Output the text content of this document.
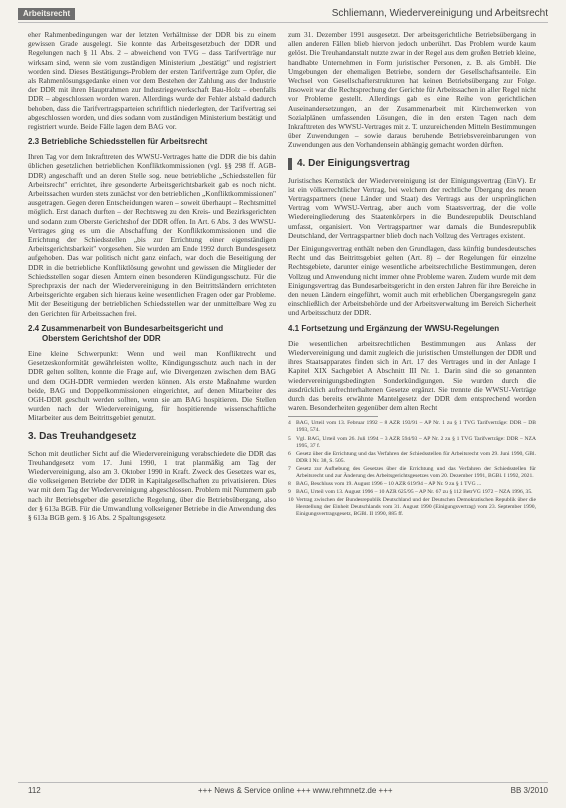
Arbeitsrecht	Schliemann, Wiedervereinigung und Arbeitsrecht

eher Rahmenbedingungen war der letzten Verhältnisse der DDR bis zu einem gewissen Grade ausgelegt. Sie konnte das Arbeitsgesetzbuch der DDR und Regelungen nach § 11 Abs. 2 – abweichend von TVG – dass Tarifverträge nur wirksam sind, wenn sie vom zuständigen Ministerium „bestätigt" und registriert worden sind. Dieses Bestätigungs-Problem der ersten Tarifverträge zum Opfer, die als Rahmenlösungsgedanke einen vor dem Bestehen der Zahlung aus der Industrie der DDR mit ihren Hauptrahmen zur Industriegewerkschaft Bau-Holz – ebenfalls DDR – abgeschlossen worden waren. Allerdings wurde der Fehler alsbald dadurch behoben, dass die Tarifvertragsparteien schriftlich niederlegten, der Tarifvertrag sei abgeschlossen worden, und dies sodann vom zuständigen Ministerium bestätigt und registriert wurde. Beide Fälle lagen dem BAG vor.

2.3 Betriebliche Schiedsstellen für Arbeitsrecht

Ihren Tag vor dem Inkrafttreten des WWSU-Vertrages hatte die DDR die bis dahin üblichen gesetzlichen betrieblichen Konfliktkommissionen (vgl. §§ 298 ff. AGB-DDR) angeschafft und an deren Stelle sog. neue betriebliche „Schiedsstellen für Arbeitsrecht" errichtet, ihre gesonderte Arbeitsgerichtsbarkeit gab es noch nicht. Arbeitssachen wurden stets zunächst vor den betrieblichen „Konfliktkommissionen" ausgetragen. Gegen deren Entscheidungen waren – soweit überhaupt – Rechtsmittel möglich. Erst danach durften – der Rechtsweg zu den Kreis- und Bezirksgerichten und sodann zum Oberste Gerichtshof der DDR offen. In Art. 6 Abs. 3 des WWSU-Vertrages ging es um die Abschaffung der Konfliktkommissionen und die Errichtung der Schiedsstellen „bis zur Errichtung einer eigenständigen Arbeitsgerichtsbarkeit" vorgesehen. Sie wurden am Ende 1992 durch Bundesgesetz aufgehoben. Das war politisch nicht ganz einfach, war doch die Beseitigung der DDR in die betriebliche Konfliktlösung gewohnt und gewissen die Mitglieder der Schiedsstellen sogar diesen Ämtern einen besonderen Kündigungsschutz. Für die Sprechpraxis der nach der Wiedervereinigung in den Beitrittsländern errichteten Arbeitsgerichte ergaben sich hieraus keine wesentlichen Fragen oder gar Probleme. Mit der Beseitigung der betrieblichen Schiedsstellen war der unmittelbare Weg zu den Gerichten für Arbeitssachen frei.

2.4 Zusammenarbeit von Bundesarbeitsgericht und
Oberstem Gerichtshof der DDR

Eine kleine Schwerpunkt: Wenn und weil man Konfliktrecht und Gesetzeskonformität gewährleisten wollte, Kündigungsschutz auch nach in der DDR gelten sollten, konnte die Frage auf, wie Divergenzen zwischen dem BAG und dem OGH-DDR vermieden werden können. Als erste Maßnahme wurden beide, BAG und Doppelkommissionen eingerichtet, auf denen Mitarbeiter des OGH-DDR geschult werden sollten, wenn sie am BAG hospitieren. Die Stellen wurden nach der Wiedervereinigung, für hospitierende wissenschaftliche Mitarbeiter aus dem Beitrittsgebiet genutzt.

3. Das Treuhandgesetz

Schon mit deutlicher Sicht auf die Wiedervereinigung verabschiedete die DDR das Treuhandgesetz vom 17. Juni 1990, 1 trat planmäßig am Tag der Wiedervereinigung, also am 3. Oktober 1990 in Kraft. Zweck des Gesetzes war es, die volkseigenen Betriebe der DDR in Kapitalgesellschaften zu privatisieren. Dies war mit dem Tag der Wiedervereinigung abgeschlossen. Problem mit Nummern gab nach ihr Betriebsgeber die gesetzliche Regelung, über die Betriebsübergang, also der § 613a BGB. Für die Umwandlung volkseigener Betriebe in die Anwendung des § 613a BGB gem. § 16 Abs. 2 Spaltungsgesetz

zum 31. Dezember 1991 ausgesetzt. Der arbeitsgerichtliche Betriebsübergang in allen anderen Fällen blieb hiervon jedoch unberührt. Das Problem wurde kaum gelöst. Die Treuhandanstalt nutzte zwar in der Regel aus dem großen Betrieb kleine, handhabte Unternehmen in Form juristischer Personen, z. B. als GmbH. Die Umgebungen der ehemaligen Betriebe, sondern der Gesellschaftsanteile. Ein Wechsel von Gesellschafterstrukturen hat keinen Betriebsübergang zur Folge. Insoweit war die Rechtsprechung der Gerichte für Arbeitssachen in aller Regel nicht vor Probleme gestellt. Allerdings gab es eine Reihe von gerichtlichen Auseinandersetzungen, an der Zusammenarbeit mit Kirchenwerken von Sozialplänen umfassenden Lösungen, die in den ersten Tagen nach dem Inkrafttreten des WWSU-Vertrages mit z. T. unzureichenden Mitteln Bestimmungen über Zuwendungen – sowie daraus beruhende Betriebsvereinbarungen von Zuwendungen aus den Vorhandensein abhängig gemacht worden dürften.

4. Der Einigungsvertrag

Juristisches Kernstück der Wiedervereinigung ist der Einigungsvertrag (EinV). Er ist ein völkerrechtlicher Vertrag, bei welchem der rechtliche Übergang des neuen Vertragspartners (neue Länder und Staat) des Vertrags aus der ursprünglichen Vertrag vom WWSU-Vertrag, aber auch vom Staatsvertrag, der die volle Wiedereingliederung des Staatenkörpers in die Bundesrepublik Deutschland umfasst, organisiert. Von Vertragspartner war damals die Bundesrepublik Deutschland, der Vertragspartner blieb doch nach Vollzug des Vertrages existent.

Der Einigungsvertrag enthält neben den Grundlagen, dass künftig bundesdeutsches Recht und das Beitrittsgebiet gelten (Art. 8) – der Regelungen für einzelne Rechtsgebiete, darunter einige wesentliche arbeitsrechtliche Bestimmungen, deren Vollzug und Anwendung nicht immer ohne Probleme waren. Zudem wurde mit dem Einigungsvertrag das Bundesarbeitsgericht in den ersten Jahren für ihre Bereiche in den neuen Ländern eingeführt, womit auch mit erheblichen Übergangsregeln ganz einschließlich der Arbeitsbehörde und der Arbeitsverwaltung im Bereich Sicherheit und Arbeitsschutz der DDR.

4.1 Fortsetzung und Ergänzung der WWSU-Regelungen

Die wesentlichen arbeitsrechtlichen Bestimmungen aus Anlass der Wiedervereinigung und damit zugleich die juristischen Umstellungen der DDR und ihres Staatsapparates finden sich in Art. 17 des Vertrages und in der Anlage I Kapitel XIX Sachgebiet A Abschnitt III Nr. 1. Darin sind die so genannten wiedervereinigungsbedingten Sonderkündigungen. Sie wurden durch die ausdrücklich aufrechterhaltenen Gesetze ergänzt. Sie trennte die WWSU-Verträge durch das bereits erwähnte Mantelgesetz der DDR dem entsprechend worden waren. Besonderheiten gegenüber dem alten Recht

4 BAG, Urteil vom 13. Februar 1992 – 8 AZR 193/91 – AP Nr. 1 zu § 1 TVG Tarifverträge: DDR – DB 1993, 574.
5 Vgl. BAG, Urteil vom 26. Juli 1994 – 3 AZR 594/93 – AP Nr. 2 zu § 1 TVG Tarifverträge: DDR – NZA 1995, 37 f.
6 Gesetz über die Errichtung und das Verfahren der Schiedsstellen für Arbeitsrecht vom 29. Juni 1990, GBl. DDR I Nr. 38, S. 505.
7 Gesetz zur Aufhebung des Gesetzes über die Errichtung und das Verfahren der Schiedsstellen für Arbeitsrecht und zur Änderung des Arbeitsgerichtsgesetzes vom 20. Dezember 1991, BGBl. I 1992, 2021.
8 BAG, Beschluss vom 19. August 1996 – 10 AZR 619/94 – AP Nr. 9 zu § 1 TVG ...
9 BAG, Urteil vom 13. August 1996 – 10 AZR 625/95 – AP Nr. 67 zu § 112 BetrVG 1972 – NZA 1996, 35.
10 Vertrag zwischen der Bundesrepublik Deutschland und der Deutschen Demokratischen Republik über die Herstellung der Einheit Deutschlands vom 31. August 1990 (Einigungsvertrag) vom 23. September 1990, Einigungsvertragsgesetz, BGBl. II 1990, 885 ff.
112	+++ News & Service online +++ www.rehmnetz.de +++	BB 3/2010
